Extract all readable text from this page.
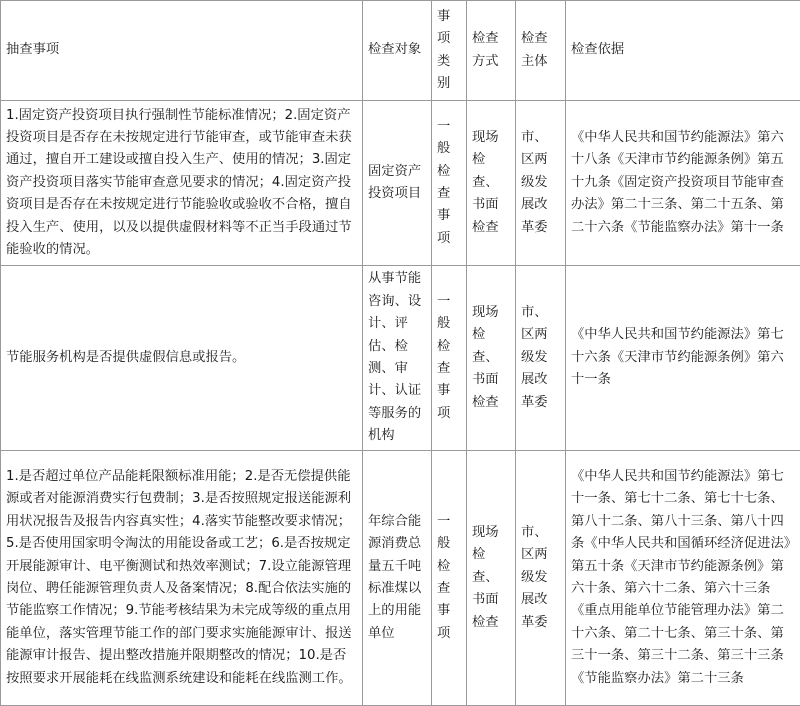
抽查事项	检查对象	事项类别	检查方式	检查主体	检查依据
1.固定资产投资项目执行强制性节能标准情况；2.固定资产投资项目是否存在未按规定进行节能审查，或节能审查未获通过，擅自开工建设或擅自投入生产、使用的情况；3.固定资产投资项目落实节能审查意见要求的情况；4.固定资产投资项目是否存在未按规定进行节能验收或验收不合格，擅自投入生产、使用，以及以提供虚假材料等不正当手段通过节能验收的情况。	固定资产投资项目	一般检查事项	现场检查、书面检查	市、区两级发展改革委	《中华人民共和国节约能源法》第六十八条《天津市节约能源条例》第五十九条《固定资产投资项目节能审查办法》第二十三条、第二十五条、第二十六条《节能监察办法》第十一条
节能服务机构是否提供虚假信息或报告。	从事节能咨询、设计、评估、检测、审计、认证等服务的机构	一般检查事项	现场检查、书面检查	市、区两级发展改革委	《中华人民共和国节约能源法》第七十六条《天津市节约能源条例》第六十一条
1.是否超过单位产品能耗限额标准用能；2.是否无偿提供能源或者对能源消费实行包费制；3.是否按照规定报送能源利用状况报告及报告内容真实性；4.落实节能整改要求情况；5.是否使用国家明令淘汰的用能设备或工艺；6.是否按规定开展能源审计、电平衡测试和热效率测试；7.设立能源管理岗位、聘任能源管理负责人及备案情况；8.配合依法实施的节能监察工作情况；9.节能考核结果为未完成等级的重点用能单位，落实管理节能工作的部门要求实施能源审计、报送能源审计报告、提出整改措施并限期整改的情况；10.是否按照要求开展能耗在线监测系统建设和能耗在线监测工作。	年综合能源消费总量五千吨标准煤以上的用能单位	一般检查事项	现场检查、书面检查	市、区两级发展改革委	《中华人民共和国节约能源法》第七十一条、第七十二条、第七十七条、第八十二条、第八十三条、第八十四条《中华人民共和国循环经济促进法》第五十条《天津市节约能源条例》第六十条、第六十二条、第六十三条《重点用能单位节能管理办法》第二十六条、第二十七条、第三十条、第三十一条、第三十二条、第三十三条《节能监察办法》第二十三条
